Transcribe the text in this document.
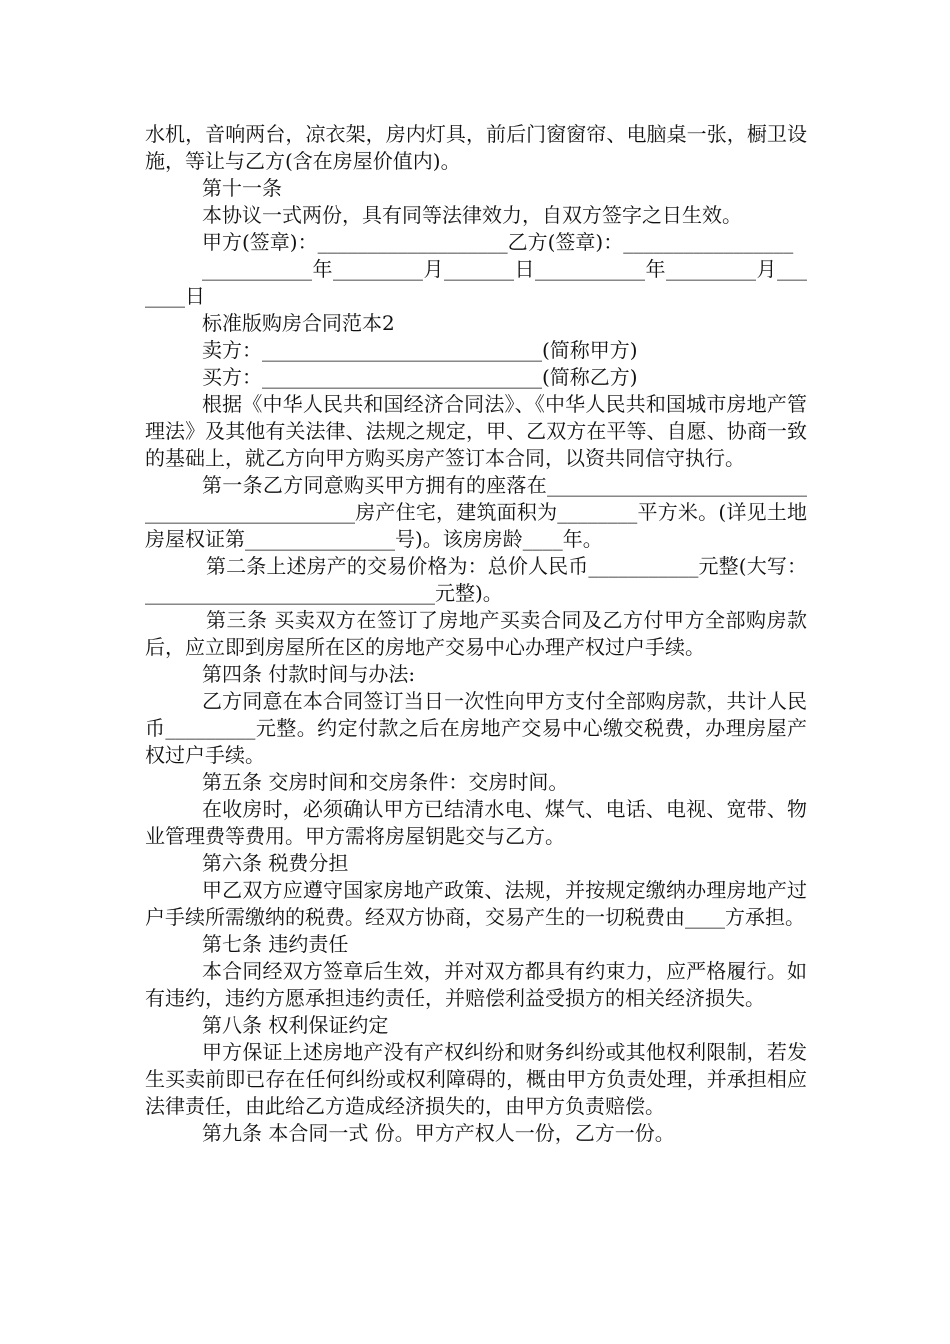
水机，音响两台，凉衣架，房内灯具，前后门窗窗帘、电脑桌一张，橱卫设施，等让与乙方(含在房屋价值内)。

第十一条

本协议一式两份，具有同等法律效力，自双方签字之日生效。

甲方(签章)：___________________乙方(签章)：_________________

___________年_________月_______日___________年_________月_______日

标准版购房合同范本2

卖方：____________________________(简称甲方)

买方：____________________________(简称乙方)

根据《中华人民共和国经济合同法》、《中华人民共和国城市房地产管理法》及其他有关法律、法规之规定，甲、乙双方在平等、自愿、协商一致的基础上，就乙方向甲方购买房产签订本合同，以资共同信守执行。

第一条乙方同意购买甲方拥有的座落在_______________________________________________房产住宅，建筑面积为________平方米。(详见土地房屋权证第_______________号)。该房房龄____年。

第二条上述房产的交易价格为：总价人民币___________元整(大写：_____________________________元整)。

第三条 买卖双方在签订了房地产买卖合同及乙方付甲方全部购房款后，应立即到房屋所在区的房地产交易中心办理产权过户手续。

第四条 付款时间与办法:

乙方同意在本合同签订当日一次性向甲方支付全部购房款，共计人民币_________元整。约定付款之后在房地产交易中心缴交税费，办理房屋产权过户手续。

第五条 交房时间和交房条件：交房时间。

在收房时，必须确认甲方已结清水电、煤气、电话、电视、宽带、物业管理费等费用。甲方需将房屋钥匙交与乙方。

第六条 税费分担

甲乙双方应遵守国家房地产政策、法规，并按规定缴纳办理房地产过户手续所需缴纳的税费。经双方协商，交易产生的一切税费由____方承担。

第七条 违约责任

本合同经双方签章后生效，并对双方都具有约束力，应严格履行。如有违约，违约方愿承担违约责任，并赔偿利益受损方的相关经济损失。

第八条 权利保证约定

甲方保证上述房地产没有产权纠纷和财务纠纷或其他权利限制，若发生买卖前即已存在任何纠纷或权利障碍的，概由甲方负责处理，并承担相应法律责任，由此给乙方造成经济损失的，由甲方负责赔偿。

第九条 本合同一式 份。甲方产权人一份，乙方一份。
